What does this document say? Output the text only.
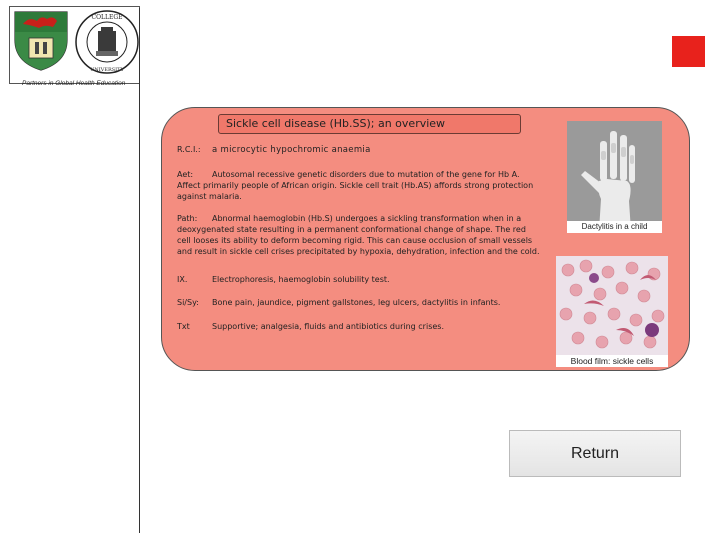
COLLEGE
UNIVERSITY
Partners in Global Health Education
Sickle cell disease (Hb.SS); an overview
R.C.I.: a microcytic hypochromic anaemia
Aet: Autosomal recessive genetic disorders due to mutation of the gene for Hb A.
Affect primarily people of African origin. Sickle cell trait (Hb.AS) affords strong protection
against malaria.
Path: Abnormal haemoglobin (Hb.S) undergoes a sickling transformation when in a
deoxygenated state resulting in a permanent conformational change of shape. The red
cell looses its ability to deform becoming rigid. This can cause occlusion of small vessels
and result in sickle cell crises precipitated by hypoxia, dehydration, infection and the cold.
IX.	Electrophoresis, haemoglobin solubility test.
Si/Sy: Bone pain, jaundice, pigment gallstones, leg ulcers, dactylitis in infants.
Txt	Supportive; analgesia, fluids and antibiotics during crises.
Dactylitis in a child
Blood film: sickle cells
Return
